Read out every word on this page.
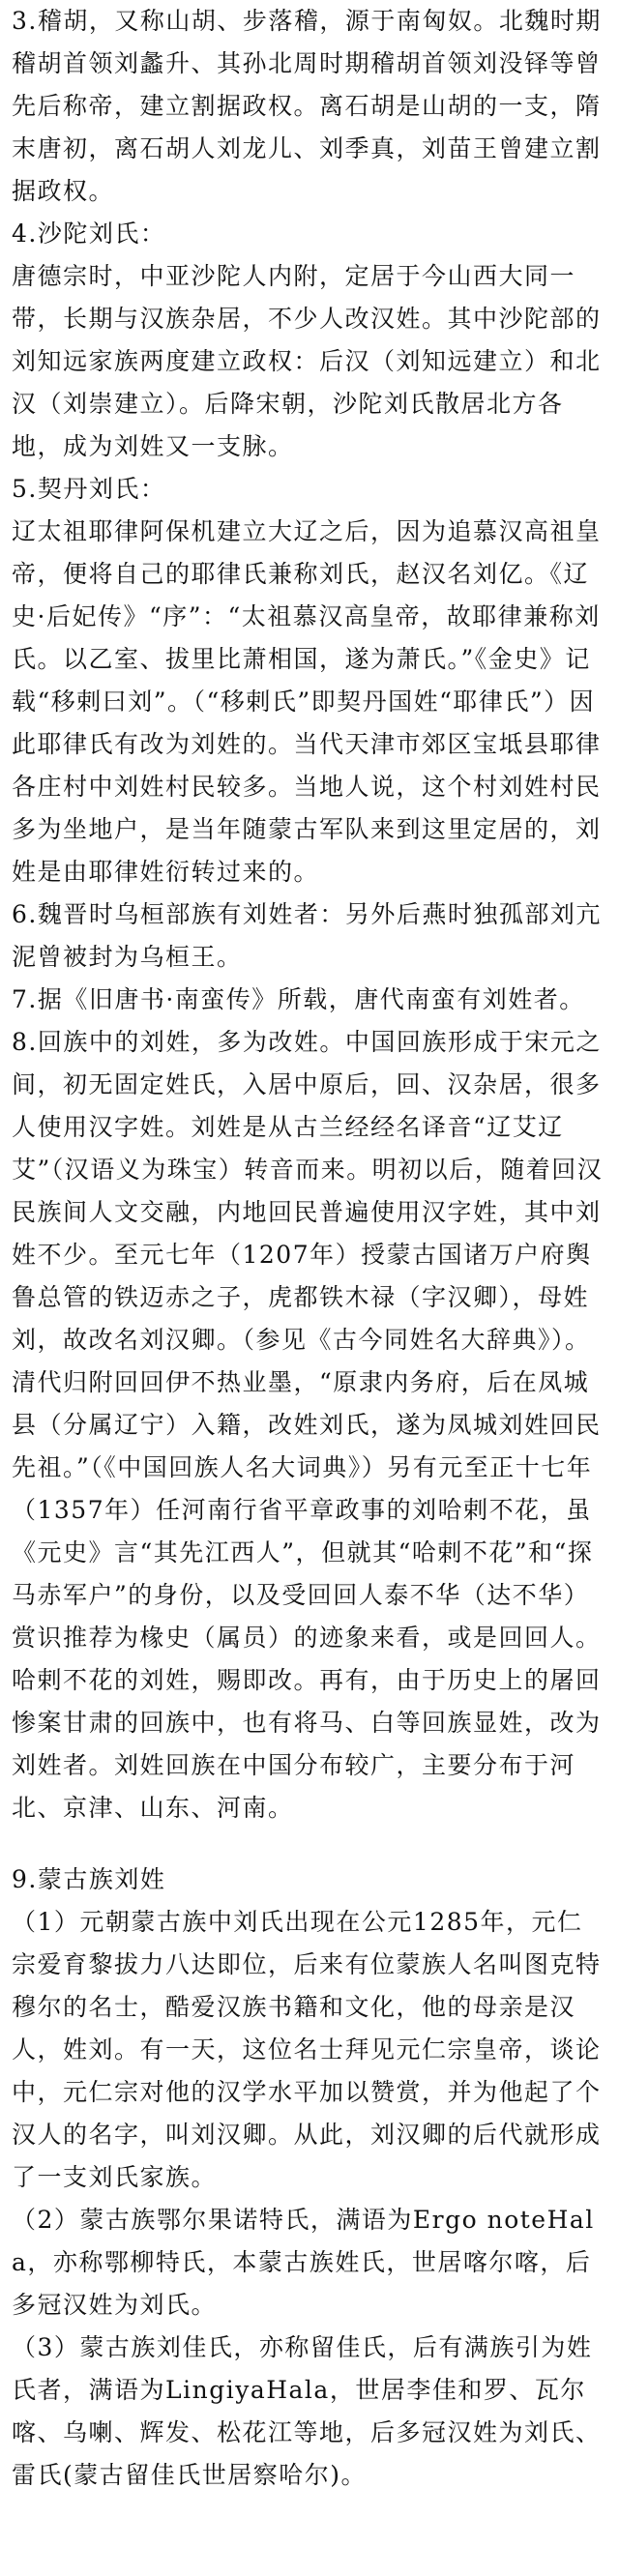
3.稽胡，又称山胡、步落稽，源于南匈奴。北魏时期稽胡首领刘蠡升、其孙北周时期稽胡首领刘没铎等曾先后称帝，建立割据政权。离石胡是山胡的一支，隋末唐初，离石胡人刘龙儿、刘季真，刘苗王曾建立割据政权。

4.沙陀刘氏：

唐德宗时，中亚沙陀人内附，定居于今山西大同一带，长期与汉族杂居，不少人改汉姓。其中沙陀部的刘知远家族两度建立政权：后汉（刘知远建立）和北汉（刘崇建立）。后降宋朝，沙陀刘氏散居北方各地，成为刘姓又一支脉。

5.契丹刘氏：

辽太祖耶律阿保机建立大辽之后，因为追慕汉高祖皇帝，便将自己的耶律氏兼称刘氏，赵汉名刘亿。《辽史·后妃传》“序”：“太祖慕汉高皇帝，故耶律兼称刘氏。以乙室、拔里比萧相国，遂为萧氏。”《金史》记载“移剌曰刘”。（“移剌氏”即契丹国姓“耶律氏”）因此耶律氏有改为刘姓的。当代天津市郊区宝坻县耶律各庄村中刘姓村民较多。当地人说，这个村刘姓村民多为坐地户，是当年随蒙古军队来到这里定居的，刘姓是由耶律姓衍转过来的。

6.魏晋时乌桓部族有刘姓者：另外后燕时独孤部刘亢泥曾被封为乌桓王。

7.据《旧唐书·南蛮传》所载，唐代南蛮有刘姓者。

8.回族中的刘姓，多为改姓。中国回族形成于宋元之间，初无固定姓氏，入居中原后，回、汉杂居，很多人使用汉字姓。刘姓是从古兰经经名译音“辽艾辽艾”（汉语义为珠宝）转音而来。明初以后，随着回汉民族间人文交融，内地回民普遍使用汉字姓，其中刘姓不少。至元七年（1207年）授蒙古国诸万户府舆鲁总管的铁迈赤之子，虎都铁木禄（字汉卿），母姓刘，故改名刘汉卿。（参见《古今同姓名大辞典》）。清代归附回回伊不热业墨，“原隶内务府，后在凤城县（分属辽宁）入籍，改姓刘氏，遂为凤城刘姓回民先祖。”（《中国回族人名大词典》）另有元至正十七年（1357年）任河南行省平章政事的刘哈剌不花，虽《元史》言“其先江西人”，但就其“哈剌不花”和“探马赤军户”的身份，以及受回回人泰不华（达不华）赏识推荐为椽史（属员）的迹象来看，或是回回人。哈剌不花的刘姓，赐即改。再有，由于历史上的屠回惨案甘肃的回族中，也有将马、白等回族显姓，改为刘姓者。刘姓回族在中国分布较广，主要分布于河北、京津、山东、河南。

9.蒙古族刘姓

（1）元朝蒙古族中刘氏出现在公元1285年，元仁宗爱育黎拔力八达即位，后来有位蒙族人名叫图克特穆尔的名士，酷爱汉族书籍和文化，他的母亲是汉人，姓刘。有一天，这位名士拜见元仁宗皇帝，谈论中，元仁宗对他的汉学水平加以赞赏，并为他起了个汉人的名字，叫刘汉卿。从此，刘汉卿的后代就形成了一支刘氏家族。

（2）蒙古族鄂尔果诺特氏，满语为Ergo noteHala，亦称鄂柳特氏，本蒙古族姓氏，世居喀尔喀，后多冠汉姓为刘氏。

（3）蒙古族刘佳氏，亦称留佳氏，后有满族引为姓氏者，满语为LingiyaHala，世居李佳和罗、瓦尔喀、乌喇、辉发、松花江等地，后多冠汉姓为刘氏、雷氏(蒙古留佳氏世居察哈尔)。
